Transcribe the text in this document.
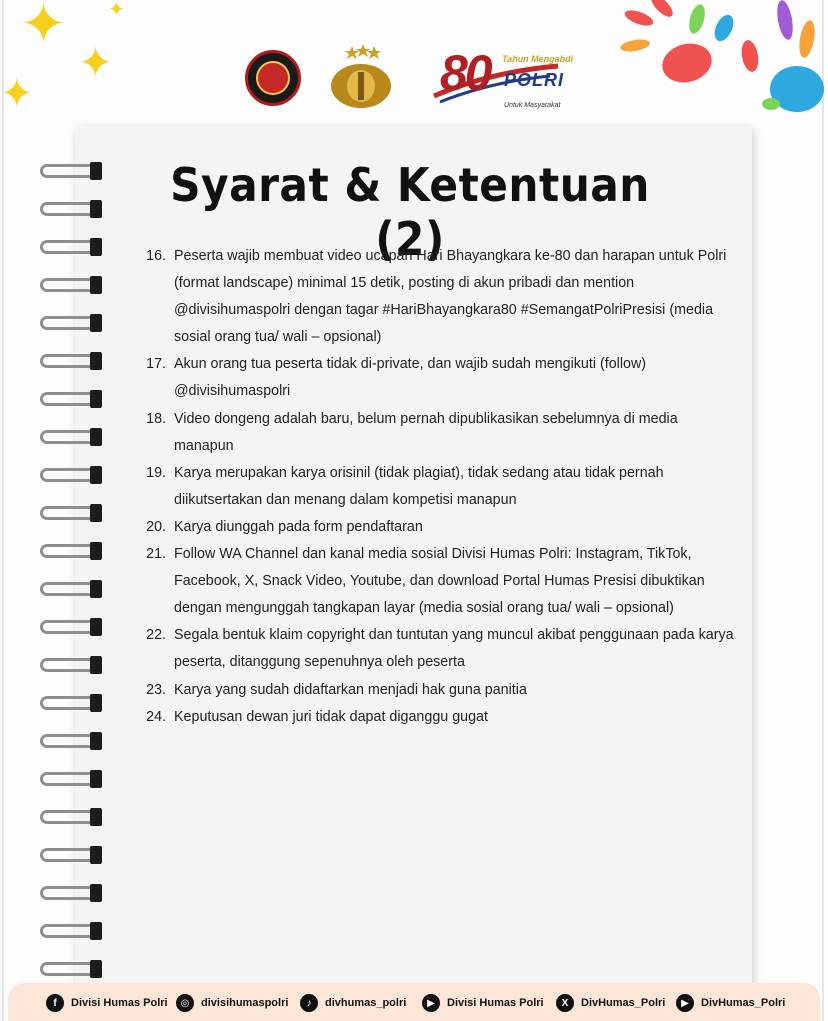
✦
✦
✦
✦
80 Tahun Mengabdi
POLRI
Untuk Masyarakat
Syarat & Ketentuan (2)
16. Peserta wajib membuat video ucapan Hari Bhayangkara ke-80 dan harapan untuk Polri (format landscape) minimal 15 detik, posting di akun pribadi dan mention @divisihumaspolri dengan tagar #HariBhayangkara80 #SemangatPolriPresisi (media sosial orang tua/ wali – opsional)
17. Akun orang tua peserta tidak di-private, dan wajib sudah mengikuti (follow) @divisihumaspolri
18. Video dongeng adalah baru, belum pernah dipublikasikan sebelumnya di media manapun
19. Karya merupakan karya orisinil (tidak plagiat), tidak sedang atau tidak pernah diikutsertakan dan menang dalam kompetisi manapun
20. Karya diunggah pada form pendaftaran
21. Follow WA Channel dan kanal media sosial Divisi Humas Polri: Instagram, TikTok, Facebook, X, Snack Video, Youtube, dan download Portal Humas Presisi dibuktikan dengan mengunggah tangkapan layar (media sosial orang tua/ wali – opsional)
22. Segala bentuk klaim copyright dan tuntutan yang muncul akibat penggunaan pada karya peserta, ditanggung sepenuhnya oleh peserta
23. Karya yang sudah didaftarkan menjadi hak guna panitia
24. Keputusan dewan juri tidak dapat diganggu gugat
f	Divisi Humas Polri	◎	divisihumaspolri	♪	divhumas_polri	▶	Divisi Humas Polri	X	DivHumas_Polri	▶	DivHumas_Polri
